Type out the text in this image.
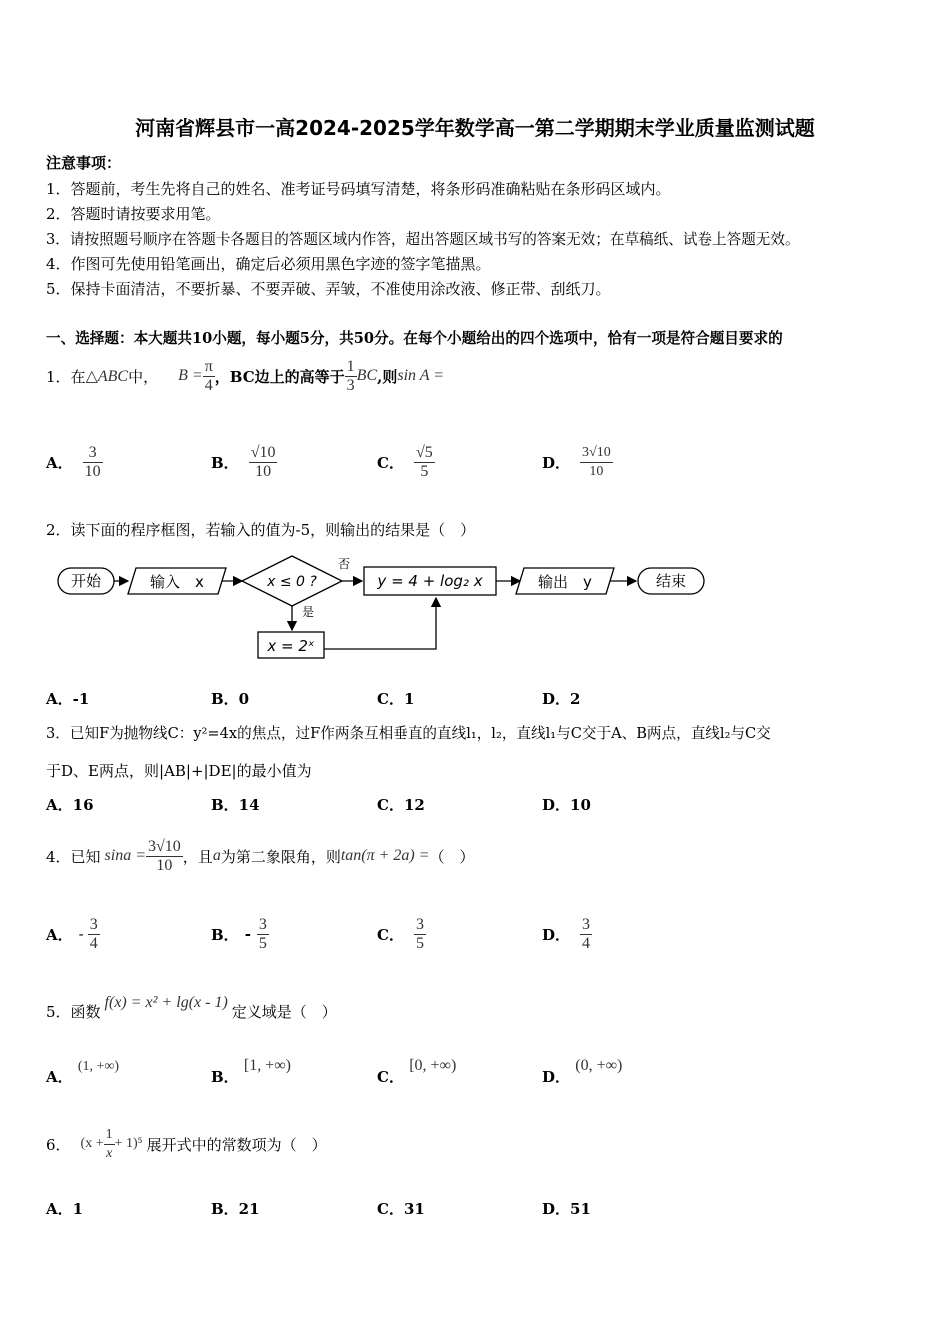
河南省辉县市一高2024-2025学年数学高一第二学期期末学业质量监测试题
注意事项：
1．答题前，考生先将自己的姓名、准考证号码填写清楚，将条形码准确粘贴在条形码区域内。
2．答题时请按要求用笔。
3．请按照题号顺序在答题卡各题目的答题区域内作答，超出答题区域书写的答案无效；在草稿纸、试卷上答题无效。
4．作图可先使用铅笔画出，确定后必须用黑色字迹的签字笔描黑。
5．保持卡面清洁，不要折暴、不要弄破、弄皱，不准使用涂改液、修正带、刮纸刀。
一、选择题：本大题共10小题，每小题5分，共50分。在每个小题给出的四个选项中，恰有一项是符合题目要求的
1． 在 △ABC 中， $B = \frac{\pi}{4}$ ，BC边上的高等于 $\frac{1}{3}$ BC ,则 sin A =
A． $\frac{3}{10}$	B． $\frac{√10}{10}$	C． $\frac{√5}{5}$	D． $\frac{3√10}{10}$
2．读下面的程序框图，若输入的值为-5，则输出的结果是（　）
开始	输入　x	x ≤ 0 ?
否
y = 4 + log₂ x	输出　y	结束
是
x = 2ˣ
A．-1	B．0	C．1	D．2
3．已知F为抛物线C：y²=4x的焦点，过F作两条互相垂直的直线l₁，l₂，直线l₁与C交于A、B两点，直线l₂与C交
于D、E两点，则|AB|+|DE|的最小值为
A．16	B．14	C．12	D．10
4．已知 $\sin a = \frac{3√10}{10}$ ，且 a 为第二象限角，则 tan(π + 2a) = （　）
A． - $\frac{3}{4}$	B． - $\frac{3}{5}$	C． $\frac{3}{5}$	D． $\frac{3}{4}$
5．函数 f(x) = x² + lg(x - 1) 定义域是（　）
A． (1, +∞)
B． [1, +∞)
C． [0, +∞)
D． (0, +∞)
6． $(x + \frac{1}{x} + 1)^5$ 展开式中的常数项为（　）
A．1	B．21	C．31	D．51
